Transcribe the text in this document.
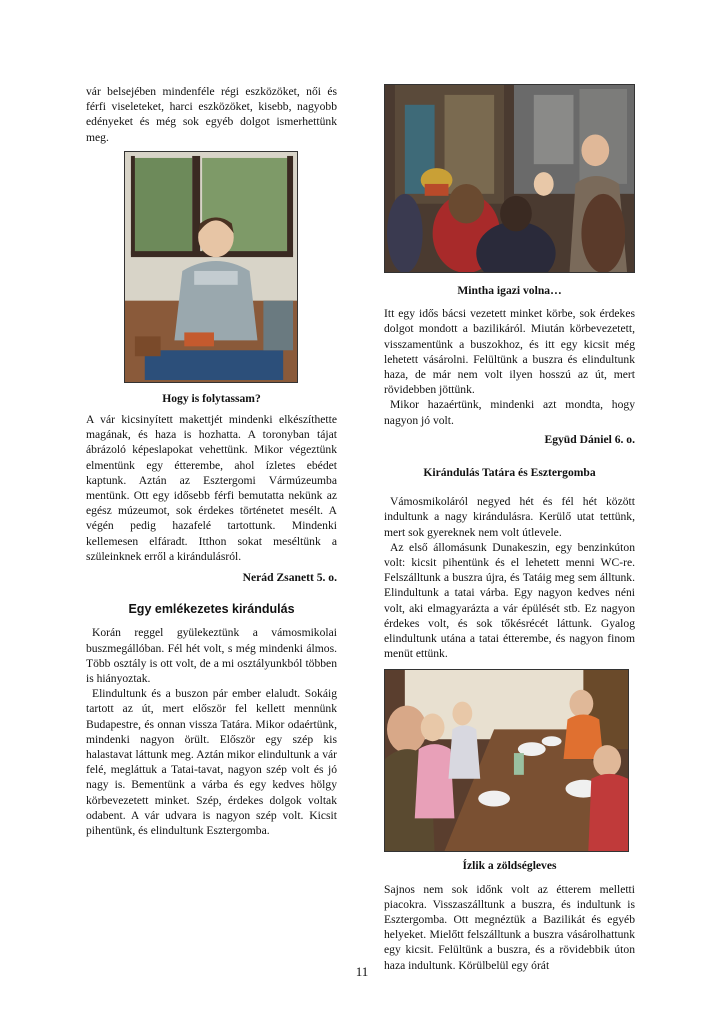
vár belsejében mindenféle régi eszközöket, női és férfi viseleteket, harci eszközöket, kisebb, nagyobb edényeket és még sok egyéb dolgot ismerhettünk meg.

Hogy is folytassam?

A vár kicsinyített makettjét mindenki elkészíthette magának, és haza is hozhatta. A toronyban tájat ábrázoló képeslapokat vehettünk. Mikor végeztünk elmentünk egy étterembe, ahol ízletes ebédet kaptunk. Aztán az Esztergomi Vármúzeumba mentünk. Ott egy idősebb férfi bemutatta nekünk az egész múzeumot, sok érdekes történetet mesélt. A végén pedig hazafelé tartottunk. Mindenki kellemesen elfáradt. Itthon sokat meséltünk a szüleinknek erről a kirándulásról.

Nerád Zsanett 5. o.

Egy emlékezetes kirándulás

Korán reggel gyülekeztünk a vámosmikolai buszmegállóban. Fél hét volt, s még mindenki álmos. Több osztály is ott volt, de a mi osztályunkból többen is hiányoztak.

Elindultunk és a buszon pár ember elaludt. Sokáig tartott az út, mert először fel kellett mennünk Budapestre, és onnan vissza Tatára. Mikor odaértünk, mindenki nagyon örült. Először egy szép kis halastavat láttunk meg. Aztán mikor elindultunk a vár felé, megláttuk a Tatai-tavat, nagyon szép volt és jó nagy is. Bementünk a várba és egy kedves hölgy körbevezetett minket. Szép, érdekes dolgok voltak odabent. A vár udvara is nagyon szép volt. Kicsit pihentünk, és elindultunk Esztergomba.

Mintha igazi volna…

Itt egy idős bácsi vezetett minket körbe, sok érdekes dolgot mondott a bazilikáról. Miután körbevezetett, visszamentünk a buszokhoz, és itt egy kicsit még lehetett vásárolni. Felültünk a buszra és elindultunk haza, de már nem volt ilyen hosszú az út, mert rövidebben jöttünk.

Mikor hazaértünk, mindenki azt mondta, hogy nagyon jó volt.

Együd Dániel 6. o.

Kirándulás Tatára és Esztergomba

Vámosmikoláról negyed hét és fél hét között indultunk a nagy kirándulásra. Kerülő utat tettünk, mert sok gyereknek nem volt útlevele.

Az első állomásunk Dunakeszin, egy benzinkúton volt: kicsit pihentünk és el lehetett menni WC-re. Felszálltunk a buszra újra, és Tatáig meg sem álltunk. Elindultunk a tatai várba. Egy nagyon kedves néni volt, aki elmagyarázta a vár épülését stb. Ez nagyon érdekes volt, és sok tőkésrécét láttunk. Gyalog elindultunk utána a tatai étterembe, és nagyon finom menüt ettünk.

Ízlik a zöldségleves

Sajnos nem sok időnk volt az étterem melletti piacokra. Visszaszálltunk a buszra, és indultunk is Esztergomba. Ott megnéztük a Bazilikát és egyéb helyeket. Mielőtt felszálltunk a buszra vásárolhattunk egy kicsit. Felültünk a buszra, és a rövidebbik úton haza indultunk. Körülbelül egy órát

11
